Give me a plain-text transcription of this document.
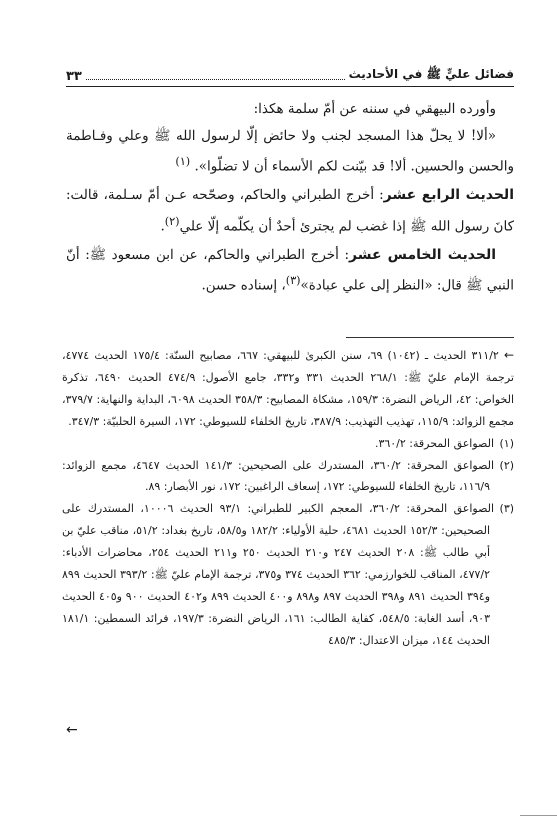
فضائل عليٍّ ﷺ في الأحاديث
٣٣

وأورده البيهقي في سننه عن أمّ سلمة هكذا:

«ألا! لا يحلّ هذا المسجد لجنب ولا حائض إلّا لرسول الله ﷺ وعلي وفـاطمة والحسن والحسين. ألا! قد بيّنت لكم الأسماء أن لا تضلّوا». $^{(١)}$

الحديث الرابع عشر: أخرج الطبراني والحاكم، وصحّحه عـن أمّ سـلمة، قالت: كانَ رسول الله ﷺ إذا غضب لم يجترئ أحدٌ أن يكلّمه إلّا علي$^{(٢)}$.

الحديث الخامس عشر: أخرج الطبراني والحاكم، عن ابن مسعود ﷺ: أنّ النبي ﷺ قال: «النظر إلى علي عبادة»$^{(٣)}$، إسناده حسن.

← ٣١١/٢ الحديث ـ (١٠٤٢) ٦٩، سنن الكبرىٰ للبيهقي: ٦٦٧، مصابيح السنّة: ١٧٥/٤ الحديث ٤٧٧٤، ترجمة الإمام عليّ ﷺ: ٢٦٨/١ الحديث ٣٣١ و٣٣٢، جامع الأصول: ٤٧٤/٩ الحديث ٦٤٩٠، تذكرة الخواص: ٤٢، الرياض النضرة: ١٥٩/٣، مشكاة المصابيح: ٣٥٨/٣ الحديث ٦٠٩٨، البداية والنهاية: ٣٧٩/٧، مجمع الزوائد: ١١٥/٩، تهذيب التهذيب: ٣٨٧/٩، تاريخ الخلفاء للسيوطي: ١٧٢، السيرة الحلبيّة: ٣٤٧/٣.

(١)الصواعق المحرقة: ٣٦٠/٢.

(٢)الصواعق المحرقة: ٣٦٠/٢، المستدرك على الصحيحين: ١٤١/٣ الحديث ٤٦٤٧، مجمع الزوائد: ١١٦/٩، تاريخ الخلفاء للسيوطي: ١٧٢، إسعاف الراغبين: ١٧٢، نور الأبصار: ٨٩.

(٣)الصواعق المحرقة: ٣٦٠/٢، المعجم الكبير للطبراني: ٩٣/١ الحديث ١٠٠٠٦، المستدرك على الصحيحين: ١٥٢/٣ الحديث ٤٦٨١، حلية الأولياء: ١٨٢/٢ و٥٨/٥، تاريخ بغداد: ٥١/٢، مناقب عليّ بن أبي طالب ﷺ: ٢٠٨ الحديث ٢٤٧ و٢١٠ الحديث ٢٥٠ و٢١١ الحديث ٢٥٤، محاضرات الأدباء: ٤٧٧/٢، المناقب للخوارزمي: ٣٦٢ الحديث ٣٧٤ و٣٧٥، ترجمة الإمام عليّ ﷺ: ٣٩٣/٢ الحديث ٨٩٩ و٣٩٤ الحديث ٨٩١ و٣٩٨ الحديث ٨٩٧ و٨٩٨ و٤٠٠ الحديث ٨٩٩ و٤٠٢ الحديث ٩٠٠ و٤٠٥ الحديث ٩٠٣، أسد الغابة: ٥٤٨/٥، كفاية الطالب: ١٦١، الرياض النضرة: ١٩٧/٣، فرائد السمطين: ١٨١/١ الحديث ١٤٤، ميزان الاعتدال: ٤٨٥/٣

←
